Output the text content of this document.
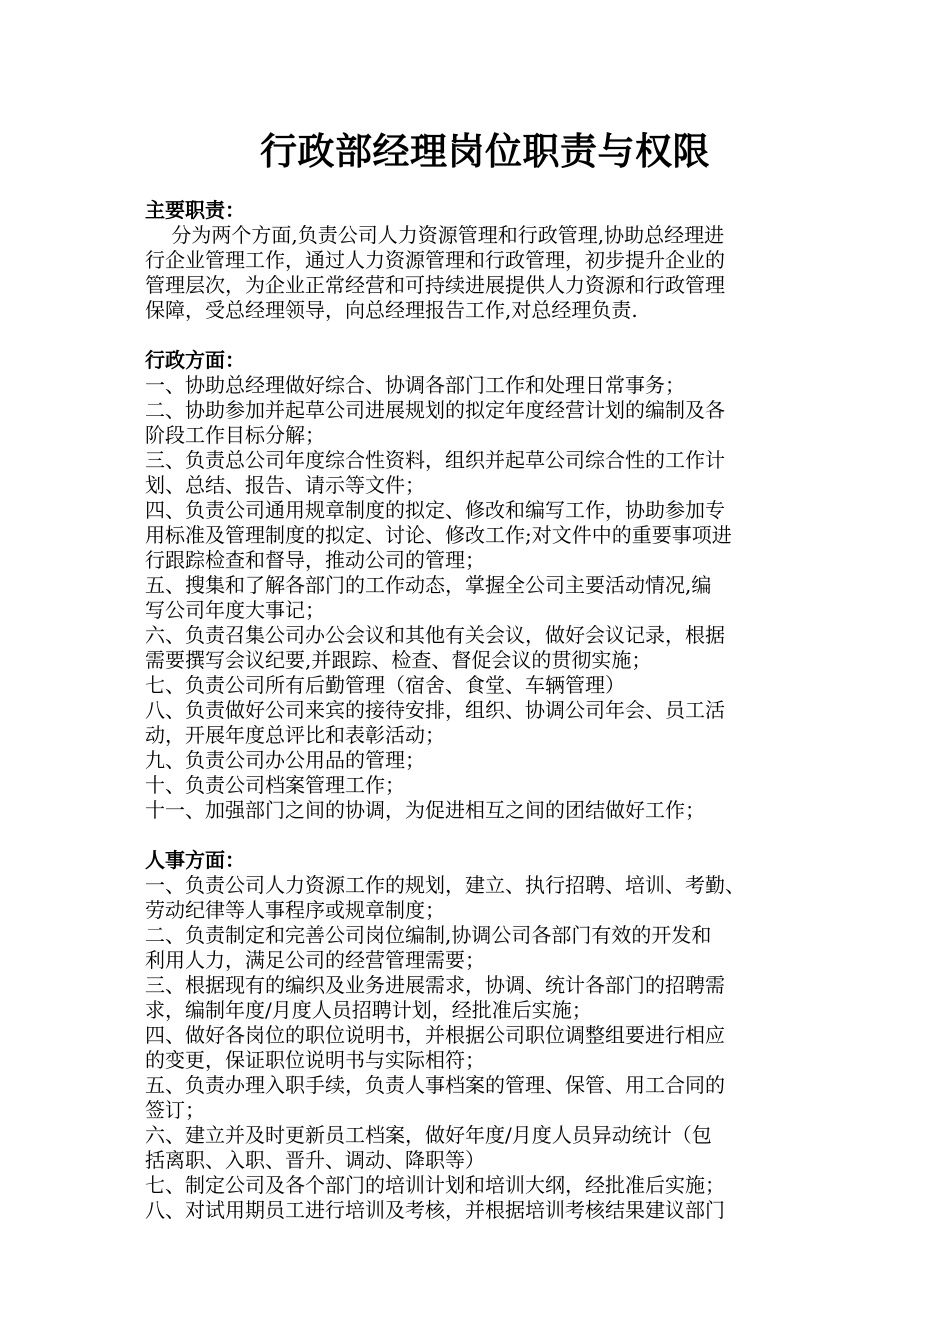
行政部经理岗位职责与权限
主要职责：
　 分为两个方面,负责公司人力资源管理和行政管理,协助总经理进
行企业管理工作，通过人力资源管理和行政管理，初步提升企业的
管理层次，为企业正常经营和可持续进展提供人力资源和行政管理
保障，受总经理领导，向总经理报告工作,对总经理负责.
行政方面：
一、协助总经理做好综合、协调各部门工作和处理日常事务；
二、协助参加并起草公司进展规划的拟定年度经营计划的编制及各
阶段工作目标分解；
三、负责总公司年度综合性资料，组织并起草公司综合性的工作计
划、总结、报告、请示等文件；
四、负责公司通用规章制度的拟定、修改和编写工作，协助参加专
用标准及管理制度的拟定、讨论、修改工作;对文件中的重要事项进
行跟踪检查和督导，推动公司的管理；
五、搜集和了解各部门的工作动态，掌握全公司主要活动情况,编
写公司年度大事记；
六、负责召集公司办公会议和其他有关会议，做好会议记录，根据
需要撰写会议纪要,并跟踪、检查、督促会议的贯彻实施；
七、负责公司所有后勤管理（宿舍、食堂、车辆管理）
八、负责做好公司来宾的接待安排，组织、协调公司年会、员工活
动，开展年度总评比和表彰活动；
九、负责公司办公用品的管理；
十、负责公司档案管理工作；
十一、加强部门之间的协调，为促进相互之间的团结做好工作；
人事方面：
一、负责公司人力资源工作的规划，建立、执行招聘、培训、考勤、
劳动纪律等人事程序或规章制度；
二、负责制定和完善公司岗位编制,协调公司各部门有效的开发和
利用人力，满足公司的经营管理需要；
三、根据现有的编织及业务进展需求，协调、统计各部门的招聘需
求，编制年度/月度人员招聘计划，经批准后实施；
四、做好各岗位的职位说明书，并根据公司职位调整组要进行相应
的变更，保证职位说明书与实际相符；
五、负责办理入职手续，负责人事档案的管理、保管、用工合同的
签订；
六、建立并及时更新员工档案，做好年度/月度人员异动统计（包
括离职、入职、晋升、调动、降职等）
七、制定公司及各个部门的培训计划和培训大纲，经批准后实施；
八、对试用期员工进行培训及考核，并根据培训考核结果建议部门
